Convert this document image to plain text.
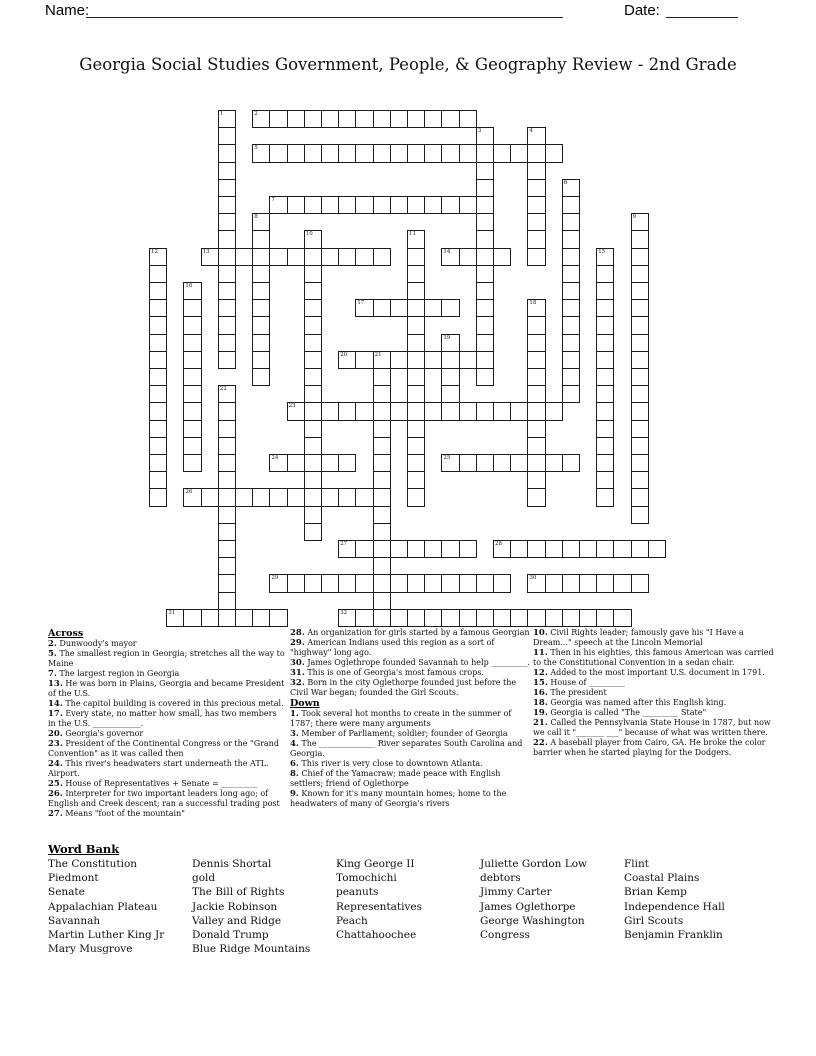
Name:	Date:
Georgia Social Studies Government, People, & Geography Review - 2nd Grade
2
5
7
13	14
17
20	21
23
24	25
26
27	28
29	30
31	32
1
3	4
6
8	9
10	11
12	15
16
18
19
22
Across

2. Dunwoody's mayor

5. The smallest region in Georgia; stretches all the way to Maine

7. The largest region in Georgia

13. He was born in Plains, Georgia and became President of the U.S.

14. The capitol building is covered in this precious metal.

17. Every state, no matter how small, has two members in the U.S. ____________.

20. Georgia's governor

23. President of the Continental Congress or the "Grand Convention" as it was called then

24. This river's headwaters start underneath the ATL. Airport.

25. House of Representatives + Senate = _________

26. Interpreter for two important leaders long ago; of English and Creek descent; ran a successful trading post

27. Means "foot of the mountain"

28. An organization for girls started by a famous Georgian

29. American Indians used this region as a sort of "highway" long ago.

30. James Oglethrope founded Savannah to help _________.

31. This is one of Georgia's most famous crops.

32. Born in the city Oglethorpe founded just before the Civil War began; founded the Girl Scouts.

Down

1. Took several hot months to create in the summer of 1787; there were many arguments

3. Member of Parliament; soldier; founder of Georgia

4. The ______________ River separates South Carolina and Georgia.

6. This river is very close to downtown Atlanta.

8. Chief of the Yamacraw; made peace with English settlers; friend of Oglethorpe

9. Known for it's many mountain homes; home to the headwaters of many of Georgia's rivers

10. Civil Rights leader; famously gave his "I Have a Dream..." speech at the Lincoln Memorial

11. Then in his eighties, this famous American was carried to the Constitutional Convention in a sedan chair.

12. Added to the most important U.S. document in 1791.

15. House of _________

16. The president

18. Georgia was named after this English king.

19. Georgia is called "The _________ State"

21. Called the Pennsylvania State House in 1787, but now we call it "_______ ___" because of what was written there.

22. A baseball player from Cairo, GA. He broke the color barrier when he started playing for the Dodgers.

Word Bank
The Constitution
Piedmont
Senate
Appalachian Plateau
Savannah
Martin Luther King Jr
Mary Musgrove
Dennis Shortal
gold
The Bill of Rights
Jackie Robinson
Valley and Ridge
Donald Trump
Blue Ridge Mountains
King George II
Tomochichi
peanuts
Representatives
Peach
Chattahoochee
Juliette Gordon Low
debtors
Jimmy Carter
James Oglethorpe
George Washington
Congress
Flint
Coastal Plains
Brian Kemp
Independence Hall
Girl Scouts
Benjamin Franklin
